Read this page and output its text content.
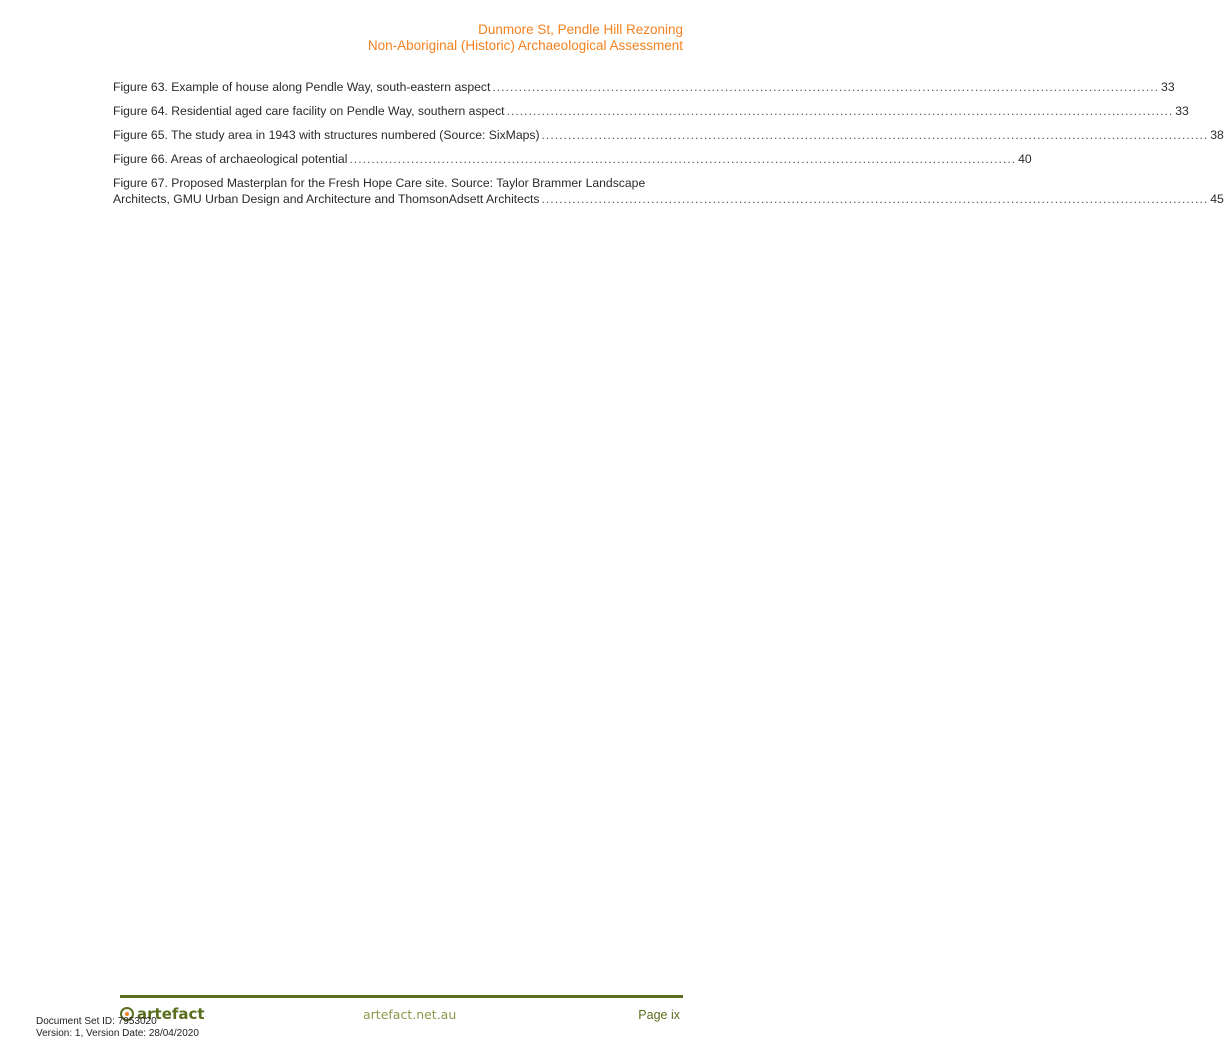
Dunmore St, Pendle Hill Rezoning
Non-Aboriginal (Historic) Archaeological Assessment
Figure 63. Example of house along Pendle Way, south-eastern aspect ........................................................................................................................................................ 33
Figure 64. Residential aged care facility on Pendle Way, southern aspect ........................................................................................................................................................ 33
Figure 65. The study area in 1943 with structures numbered (Source: SixMaps) ........................................................................................................................................................ 38
Figure 66. Areas of archaeological potential ........................................................................................................................................................ 40
Figure 67. Proposed Masterplan for the Fresh Hope Care site. Source: Taylor Brammer Landscape
Architects, GMU Urban Design and Architecture and ThomsonAdsett Architects ........................................................................................................................................................ 45
artefact	artefact.net.au	Page ix
Document Set ID: 7953020
Version: 1, Version Date: 28/04/2020
